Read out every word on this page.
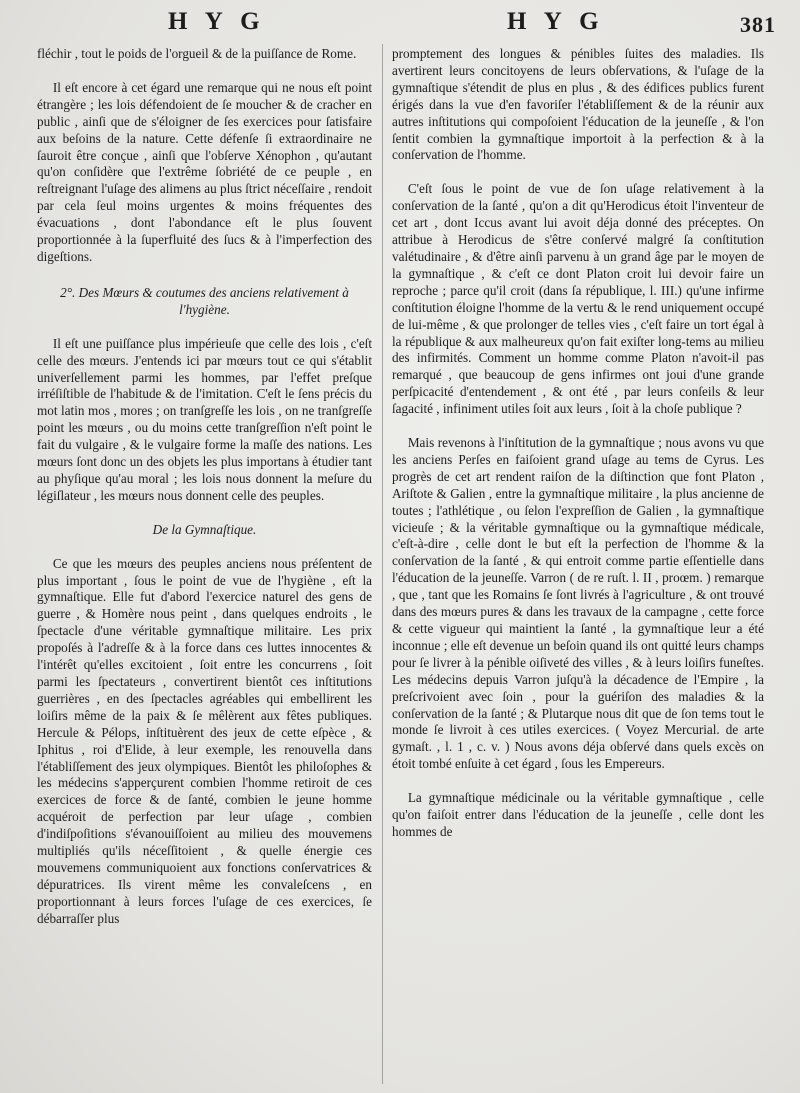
H Y G	H Y G	381

fléchir , tout le poids de l'orgueil & de la puiſſance de Rome.

Il eſt encore à cet égard une remarque qui ne nous eſt point étrangère ; les lois défendoient de ſe moucher & de cracher en public , ainſi que de s'éloigner de ſes exercices pour ſatisfaire aux beſoins de la nature. Cette défenſe ſi extraordinaire ne ſauroit être conçue , ainſi que l'obſerve Xénophon , qu'autant qu'on conſidère que l'extrême ſobriété de ce peuple , en reſtreignant l'uſage des alimens au plus ſtrict néceſſaire , rendoit par cela ſeul moins urgentes & moins fréquentes des évacuations , dont l'abondance eſt le plus ſouvent proportionnée à la ſuperfluité des ſucs & à l'imperfection des digeſtions.

2°. Des Mœurs & coutumes des anciens relativement à l'hygiène.

Il eſt une puiſſance plus impérieuſe que celle des lois , c'eſt celle des mœurs. J'entends ici par mœurs tout ce qui s'établit univerſellement parmi les hommes, par l'effet preſque irréſiſtible de l'habitude & de l'imitation. C'eſt le ſens précis du mot latin mos , mores ; on tranſgreſſe les lois , on ne tranſgreſſe point les mœurs , ou du moins cette tranſgreſſion n'eſt point le fait du vulgaire , & le vulgaire forme la maſſe des nations. Les mœurs ſont donc un des objets les plus importans à étudier tant au phyſique qu'au moral ; les lois nous donnent la meſure du légiſlateur , les mœurs nous donnent celle des peuples.

De la Gymnaſtique.

Ce que les mœurs des peuples anciens nous préſentent de plus important , ſous le point de vue de l'hygiène , eſt la gymnaſtique. Elle fut d'abord l'exercice naturel des gens de guerre , & Homère nous peint , dans quelques endroits , le ſpectacle d'une véritable gymnaſtique militaire. Les prix propoſés à l'adreſſe & à la force dans ces luttes innocentes & l'intérêt qu'elles excitoient , ſoit entre les concurrens , ſoit parmi les ſpectateurs , convertirent bientôt ces inſtitutions guerrières , en des ſpectacles agréables qui embellirent les loiſirs même de la paix & ſe mêlèrent aux fêtes publiques. Hercule & Pélops, inſtituèrent des jeux de cette eſpèce , & Iphitus , roi d'Elide, à leur exemple, les renouvella dans l'établiſſement des jeux olympiques. Bientôt les philoſophes & les médecins s'apperçurent combien l'homme retiroit de ces exercices de force & de ſanté, combien le jeune homme acquéroit de perfection par leur uſage , combien d'indiſpoſitions s'évanouiſſoient au milieu des mouvemens multipliés qu'ils néceſſitoient , & quelle énergie ces mouvemens communiquoient aux fonctions conſervatrices & dépuratrices. Ils virent même les convaleſcens , en proportionnant à leurs forces l'uſage de ces exercices, ſe débarraſſer plus

promptement des longues & pénibles ſuites des maladies. Ils avertirent leurs concitoyens de leurs obſervations, & l'uſage de la gymnaſtique s'étendit de plus en plus , & des édifices publics furent érigés dans la vue d'en favoriſer l'établiſſement & de la réunir aux autres inſtitutions qui compoſoient l'éducation de la jeuneſſe , & l'on ſentit combien la gymnaſtique importoit à la perfection & à la conſervation de l'homme.

C'eſt ſous le point de vue de ſon uſage relativement à la conſervation de la ſanté , qu'on a dit qu'Herodicus étoit l'inventeur de cet art , dont Iccus avant lui avoit déja donné des préceptes. On attribue à Herodicus de s'être conſervé malgré ſa conſtitution valétudinaire , & d'être ainſi parvenu à un grand âge par le moyen de la gymnaſtique , & c'eſt ce dont Platon croit lui devoir faire un reproche ; parce qu'il croit (dans ſa république, l. III.) qu'une infirme conſtitution éloigne l'homme de la vertu & le rend uniquement occupé de lui-même , & que prolonger de telles vies , c'eſt faire un tort égal à la république & aux malheureux qu'on fait exiſter long-tems au milieu des infirmités. Comment un homme comme Platon n'avoit-il pas remarqué , que beaucoup de gens infirmes ont joui d'une grande perſpicacité d'entendement , & ont été , par leurs conſeils & leur ſagacité , infiniment utiles ſoit aux leurs , ſoit à la choſe publique ?

Mais revenons à l'inſtitution de la gymnaſtique ; nous avons vu que les anciens Perſes en faiſoient grand uſage au tems de Cyrus. Les progrès de cet art rendent raiſon de la diſtinction que font Platon , Ariſtote & Galien , entre la gymnaſtique militaire , la plus ancienne de toutes ; l'athlétique , ou ſelon l'expreſſion de Galien , la gymnaſtique vicieuſe ; & la véritable gymnaſtique ou la gymnaſtique médicale, c'eſt-à-dire , celle dont le but eſt la perfection de l'homme & la conſervation de la ſanté , & qui entroit comme partie eſſentielle dans l'éducation de la jeuneſſe. Varron ( de re ruſt. l. II , proœm. ) remarque , que , tant que les Romains ſe ſont livrés à l'agriculture , & ont trouvé dans des mœurs pures & dans les travaux de la campagne , cette force & cette vigueur qui maintient la ſanté , la gymnaſtique leur a été inconnue ; elle eſt devenue un beſoin quand ils ont quitté leurs champs pour ſe livrer à la pénible oiſiveté des villes , & à leurs loiſirs funeſtes. Les médecins depuis Varron juſqu'à la décadence de l'Empire , la preſcrivoient avec ſoin , pour la guériſon des maladies & la conſervation de la ſanté ; & Plutarque nous dit que de ſon tems tout le monde ſe livroit à ces utiles exercices. ( Voyez Mercurial. de arte gymaſt. , l. 1 , c. v. ) Nous avons déja obſervé dans quels excès on étoit tombé enſuite à cet égard , ſous les Empereurs.

La gymnaſtique médicinale ou la véritable gymnaſtique , celle qu'on faiſoit entrer dans l'éducation de la jeuneſſe , celle dont les hommes de
